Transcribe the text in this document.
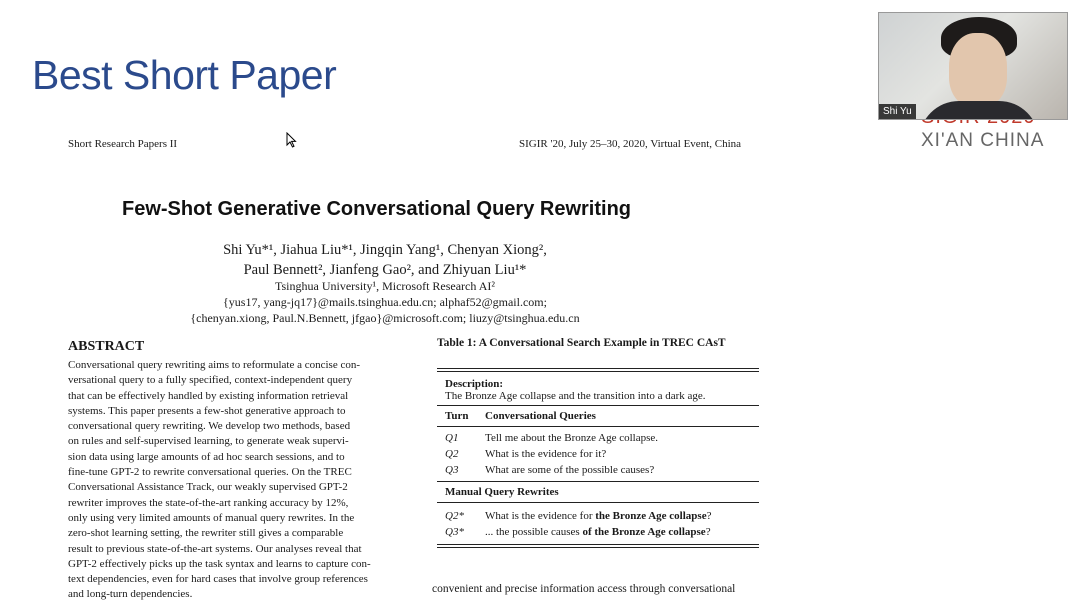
Best Short Paper
XI'AN CHINA
Shi Yu
Short Research Papers II	SIGIR '20, July 25–30, 2020, Virtual Event, China
Few-Shot Generative Conversational Query Rewriting
Shi Yu*¹, Jiahua Liu*¹, Jingqin Yang¹, Chenyan Xiong²,
Paul Bennett², Jianfeng Gao², and Zhiyuan Liu¹*
Tsinghua University¹, Microsoft Research AI²
{yus17, yang-jq17}@mails.tsinghua.edu.cn; alphaf52@gmail.com;
{chenyan.xiong, Paul.N.Bennett, jfgao}@microsoft.com; liuzy@tsinghua.edu.cn
ABSTRACT
Conversational query rewriting aims to reformulate a concise con-
versational query to a fully specified, context-independent query
that can be effectively handled by existing information retrieval
systems. This paper presents a few-shot generative approach to
conversational query rewriting. We develop two methods, based
on rules and self-supervised learning, to generate weak supervi-
sion data using large amounts of ad hoc search sessions, and to
fine-tune GPT-2 to rewrite conversational queries. On the TREC
Conversational Assistance Track, our weakly supervised GPT-2
rewriter improves the state-of-the-art ranking accuracy by 12%,
only using very limited amounts of manual query rewrites. In the
zero-shot learning setting, the rewriter still gives a comparable
result to previous state-of-the-art systems. Our analyses reveal that
GPT-2 effectively picks up the task syntax and learns to capture con-
text dependencies, even for hard cases that involve group references
and long-turn dependencies.
Table 1: A Conversational Search Example in TREC CAsT
Description:
The Bronze Age collapse and the transition into a dark age.
Turn	Conversational Queries
Q1	Tell me about the Bronze Age collapse.
Q2	What is the evidence for it?
Q3	What are some of the possible causes?
Manual Query Rewrites
Q2*	What is the evidence for the Bronze Age collapse?
Q3*	... the possible causes of the Bronze Age collapse?
convenient and precise information access through conversational
